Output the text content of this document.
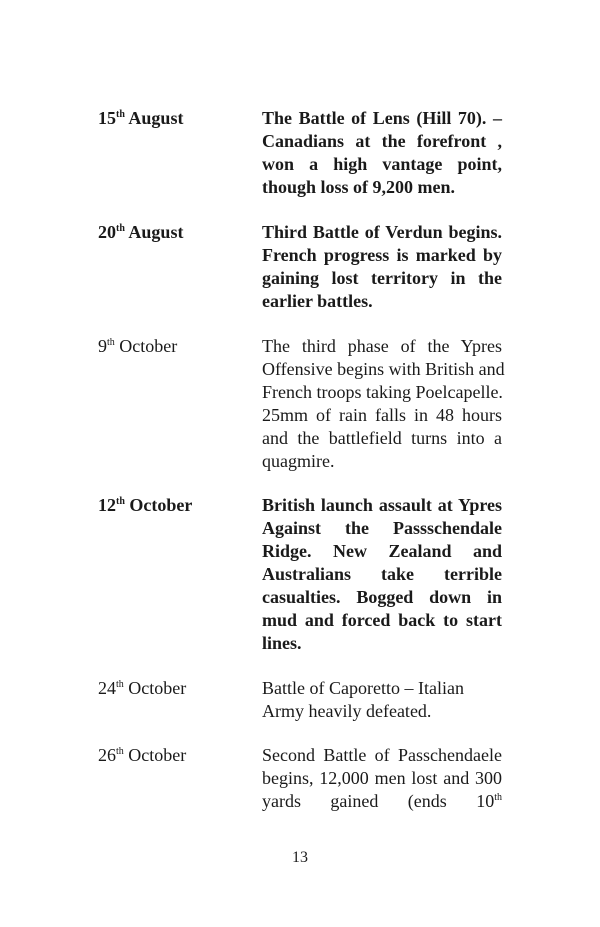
15th August	The Battle of Lens (Hill 70). –
Canadians at the forefront ,
won a high vantage point,
though loss of 9,200 men.
20th August	Third Battle of Verdun begins.
French progress is marked by
gaining lost territory in the
earlier battles.
9th October	The third phase of the Ypres
Offensive begins with British and
French troops taking Poelcapelle.
25mm of rain falls in 48 hours
and the battlefield turns into a
quagmire.
12th October	British launch assault at Ypres
Against the Passschendale
Ridge. New Zealand and
Australians take terrible
casualties. Bogged down in
mud and forced back to start
lines.
24th October	Battle of Caporetto – Italian
Army heavily defeated.
26th October	Second Battle of Passchendaele
begins, 12,000 men lost and 300
yards gained (ends 10th
13
